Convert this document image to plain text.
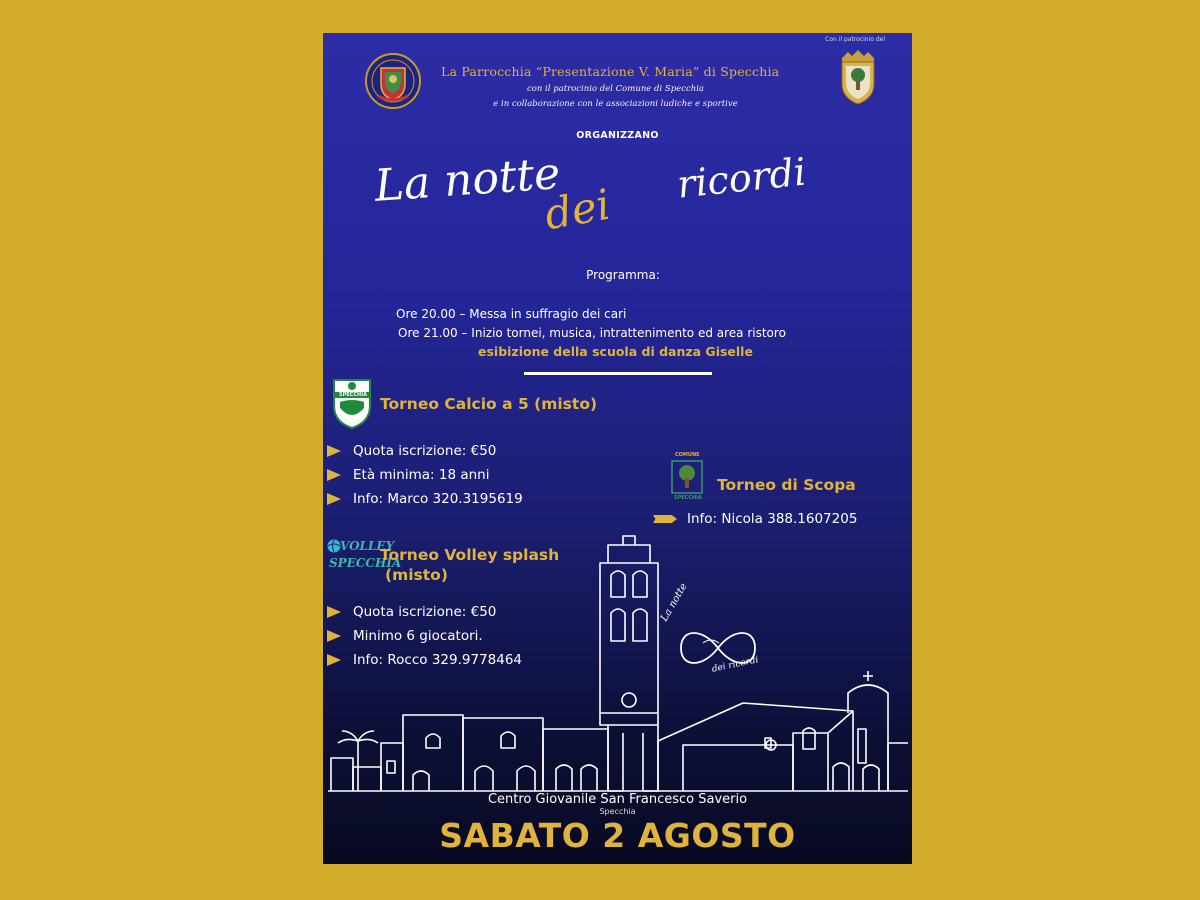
La Parrocchia “Presentazione V. Maria” di Specchia
con il patrocinio del Comune di Specchia
e in collaborazione con le associazioni ludiche e sportive
Con il patrocinio del
ORGANIZZANO
La notte
dei
ricordi
Programma:
Ore 20.00 – Messa in suffragio dei cari
Ore 21.00 – Inizio tornei, musica, intrattenimento ed area ristoro
esibizione della scuola di danza Giselle
SPECCHIA Torneo Calcio a 5 (misto)
Quota iscrizione: €50
Età minima: 18 anni
Info: Marco 320.3195619
COMUNE
SPECCHIA
Torneo di Scopa
Info: Nicola 388.1607205
VOLLEY
SPECCHIA
Torneo Volley splash
(misto)
Quota iscrizione: €50
Minimo 6 giocatori.
Info: Rocco 329.9778464
La notte
dei ricordi
Centro Giovanile San Francesco Saverio
Specchia
SABATO 2 AGOSTO
